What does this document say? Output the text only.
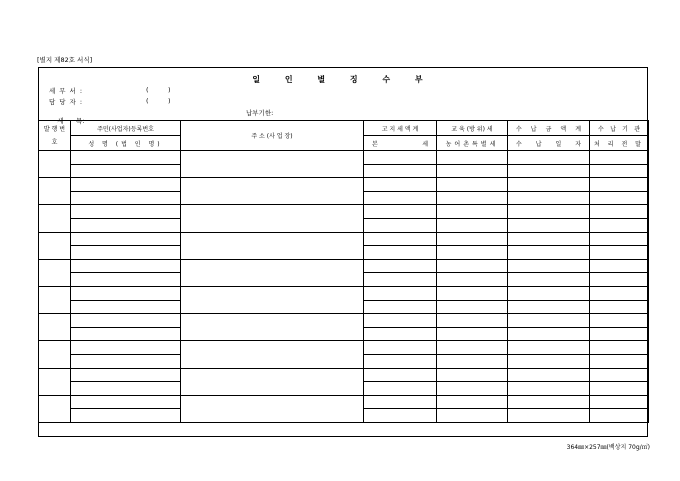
[별지 제82호 서식]
일 인 별 징 수 부
세무서:	(	)
담당자:	(	)

세      목:

납부기한:
발 행 번 호	주민(사업자)등록번호	주 소 (사 업 장)	고 지 세 액 계	교 육 (방 위) 세	수 납 금 액 계	수 납 기 관
	성 명 (법 인 명)		본 세	농어촌특별세	수 납 일 자	처 리 전 말

364㎜×257㎜(백상지 70g/㎡)
